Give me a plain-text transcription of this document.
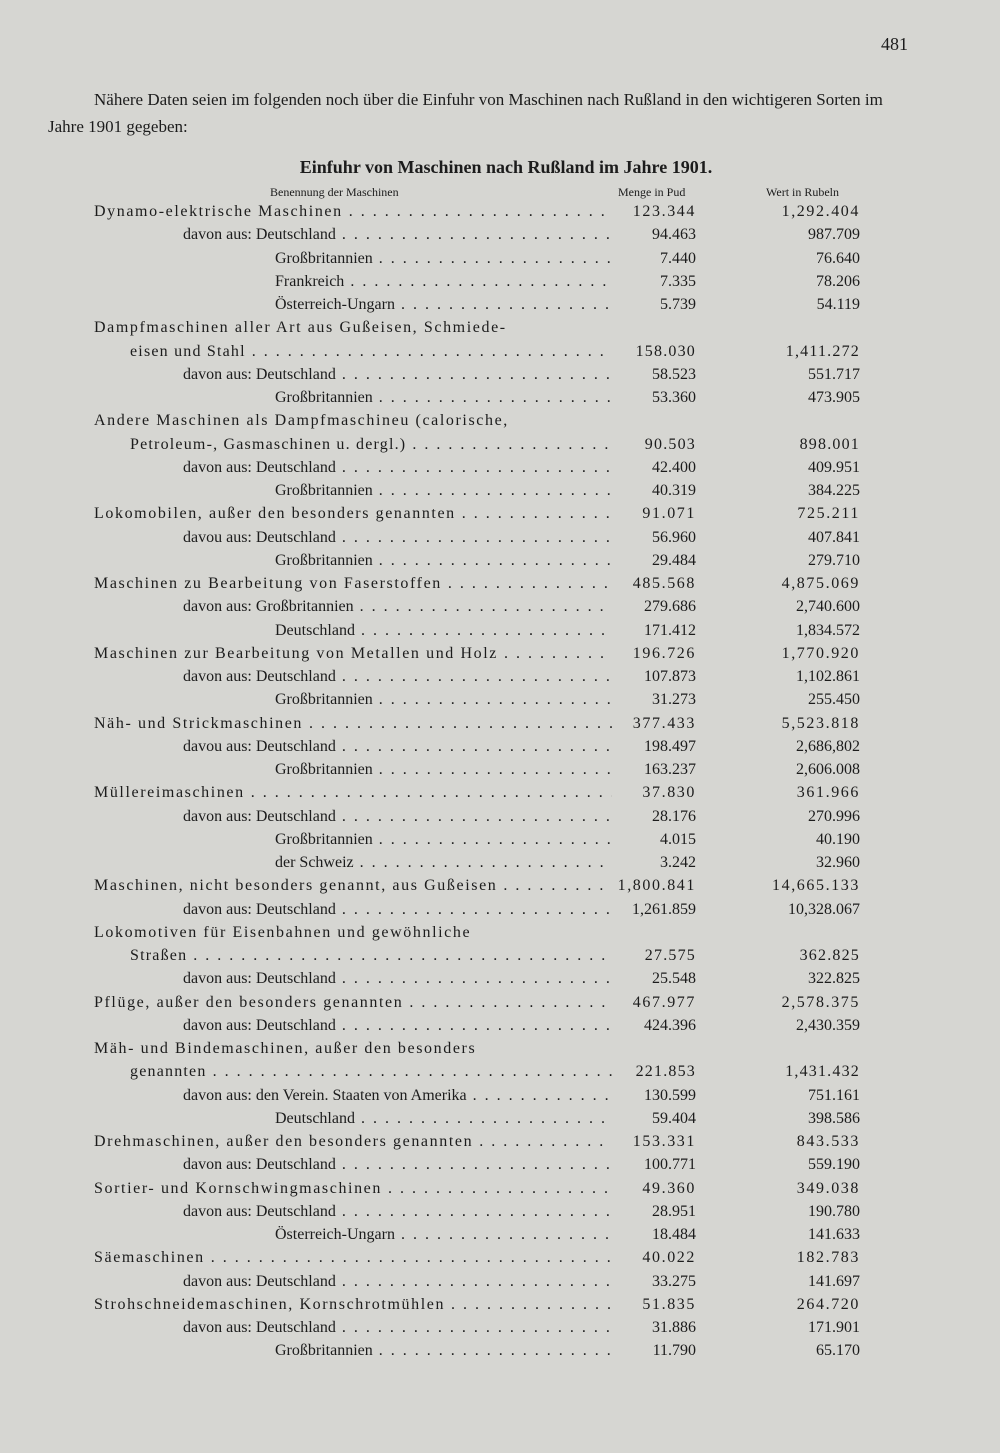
481
Nähere Daten seien im folgenden noch über die Einfuhr von Maschinen nach Rußland in den wichtigeren Sorten im Jahre 1901 gegeben:
Einfuhr von Maschinen nach Rußland im Jahre 1901.
Benennung der Maschinen	Menge in Pud	Wert in Rubeln
Dynamo-elektrische Maschinen . . .	123.344	1,292.404
davon aus: Deutschland . . .	94.463	987.709
Großbritannien . . .	7.440	76.640
Frankreich . . .	7.335	78.206
Österreich-Ungarn . . .	5.739	54.119
Dampfmaschinen aller Art aus Gußeisen, Schmiede-
eisen und Stahl . . .	158.030	1,411.272
davon aus: Deutschland . . .	58.523	551.717
Großbritannien . . .	53.360	473.905
Andere Maschinen als Dampfmaschineu (calorische,
Petroleum-, Gasmaschinen u. dergl.) . . .	90.503	898.001
davon aus: Deutschland . . .	42.400	409.951
Großbritannien . . .	40.319	384.225
Lokomobilen, außer den besonders genannten . . .	91.071	725.211
davou aus: Deutschland . . .	56.960	407.841
Großbritannien . . .	29.484	279.710
Maschinen zu Bearbeitung von Faserstoffen . . .	485.568	4,875.069
davon aus: Großbritannien . . .	279.686	2,740.600
Deutschland . . .	171.412	1,834.572
Maschinen zur Bearbeitung von Metallen und Holz . . .	196.726	1,770.920
davon aus: Deutschland . . .	107.873	1,102.861
Großbritannien . . .	31.273	255.450
Näh- und Strickmaschinen . . .	377.433	5,523.818
davou aus: Deutschland . . .	198.497	2,686,802
Großbritannien . . .	163.237	2,606.008
Müllereimaschinen . . .	37.830	361.966
davon aus: Deutschland . . .	28.176	270.996
Großbritannien . . .	4.015	40.190
der Schweiz . . .	3.242	32.960
Maschinen, nicht besonders genannt, aus Gußeisen . . .	1,800.841	14,665.133
davon aus: Deutschland . . .	1,261.859	10,328.067
Lokomotiven für Eisenbahnen und gewöhnliche
Straßen . . .	27.575	362.825
davon aus: Deutschland . . .	25.548	322.825
Pflüge, außer den besonders genannten . . .	467.977	2,578.375
davon aus: Deutschland . . .	424.396	2,430.359
Mäh- und Bindemaschinen, außer den besonders
genannten . . .	221.853	1,431.432
davon aus: den Verein. Staaten von Amerika . . .	130.599	751.161
Deutschland . . .	59.404	398.586
Drehmaschinen, außer den besonders genannten . . .	153.331	843.533
davon aus: Deutschland . . .	100.771	559.190
Sortier- und Kornschwingmaschinen . . .	49.360	349.038
davon aus: Deutschland . . .	28.951	190.780
Österreich-Ungarn . . .	18.484	141.633
Säemaschinen . . .	40.022	182.783
davon aus: Deutschland . . .	33.275	141.697
Strohschneidemaschinen, Kornschrotmühlen . . .	51.835	264.720
davon aus: Deutschland . . .	31.886	171.901
Großbritannien . . .	11.790	65.170
